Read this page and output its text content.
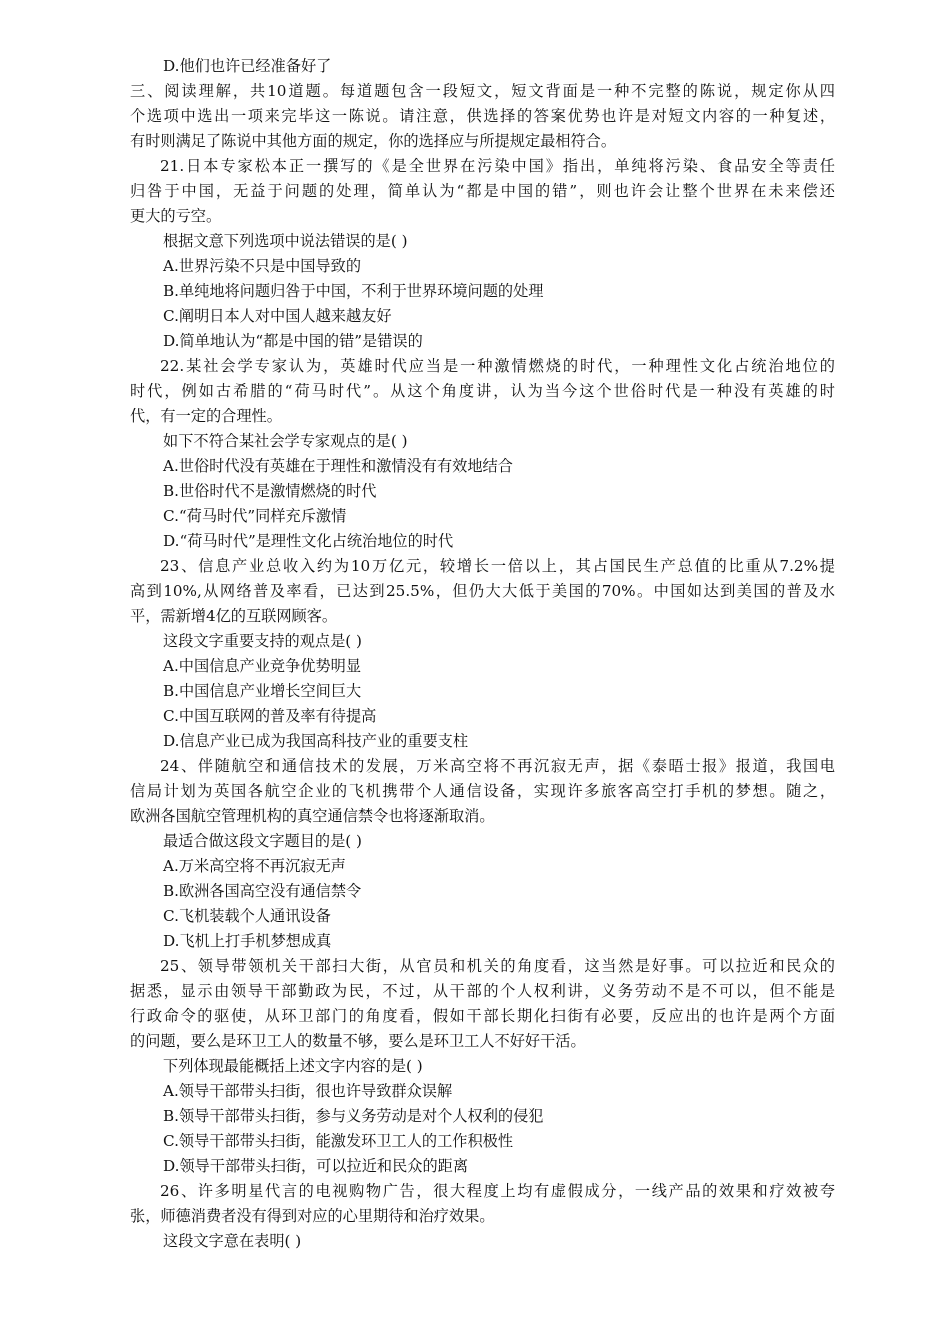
D.他们也许已经准备好了
三、阅读理解，共10道题。每道题包含一段短文，短文背面是一种不完整的陈说，规定你从四
个选项中选出一项来完毕这一陈说。请注意，供选择的答案优势也许是对短文内容的一种复述，
有时则满足了陈说中其他方面的规定，你的选择应与所提规定最相符合。
21.日本专家松本正一撰写的《是全世界在污染中国》指出，单纯将污染、食品安全等责任
归咎于中国，无益于问题的处理，简单认为“都是中国的错”，则也许会让整个世界在未来偿还
更大的亏空。
根据文意下列选项中说法错误的是( )
A.世界污染不只是中国导致的
B.单纯地将问题归咎于中国，不利于世界环境问题的处理
C.阐明日本人对中国人越来越友好
D.简单地认为“都是中国的错”是错误的
22.某社会学专家认为，英雄时代应当是一种激情燃烧的时代，一种理性文化占统治地位的
时代，例如古希腊的“荷马时代”。从这个角度讲，认为当今这个世俗时代是一种没有英雄的时
代，有一定的合理性。
如下不符合某社会学专家观点的是( )
A.世俗时代没有英雄在于理性和激情没有有效地结合
B.世俗时代不是激情燃烧的时代
C.“荷马时代”同样充斥激情
D.“荷马时代”是理性文化占统治地位的时代
23、信息产业总收入约为10万亿元，较增长一倍以上，其占国民生产总值的比重从7.2%提
高到10%,从网络普及率看，已达到25.5%，但仍大大低于美国的70%。中国如达到美国的普及水
平，需新增4亿的互联网顾客。
这段文字重要支持的观点是( )
A.中国信息产业竞争优势明显
B.中国信息产业增长空间巨大
C.中国互联网的普及率有待提高
D.信息产业已成为我国高科技产业的重要支柱
24、伴随航空和通信技术的发展，万米高空将不再沉寂无声，据《泰晤士报》报道，我国电
信局计划为英国各航空企业的飞机携带个人通信设备，实现许多旅客高空打手机的梦想。随之，
欧洲各国航空管理机构的真空通信禁令也将逐渐取消。
最适合做这段文字题目的是( )
A.万米高空将不再沉寂无声
B.欧洲各国高空没有通信禁令
C.飞机装载个人通讯设备
D.飞机上打手机梦想成真
25、领导带领机关干部扫大街，从官员和机关的角度看，这当然是好事。可以拉近和民众的
据悉，显示由领导干部勤政为民，不过，从干部的个人权利讲，义务劳动不是不可以，但不能是
行政命令的驱使，从环卫部门的角度看，假如干部长期化扫街有必要，反应出的也许是两个方面
的问题，要么是环卫工人的数量不够，要么是环卫工人不好好干活。
下列体现最能概括上述文字内容的是( )
A.领导干部带头扫街，很也许导致群众误解
B.领导干部带头扫街，参与义务劳动是对个人权利的侵犯
C.领导干部带头扫街，能激发环卫工人的工作积极性
D.领导干部带头扫街，可以拉近和民众的距离
26、许多明星代言的电视购物广告，很大程度上均有虚假成分，一线产品的效果和疗效被夸
张，师德消费者没有得到对应的心里期待和治疗效果。
这段文字意在表明( )
